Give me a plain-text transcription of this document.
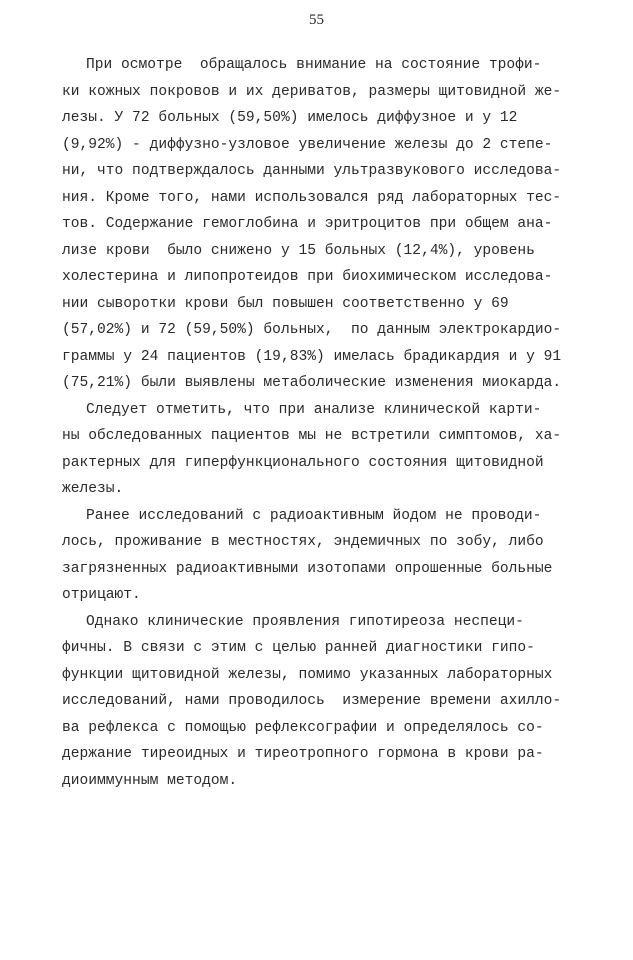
55
При осмотре  обращалось внимание на состояние трофи-
ки кожных покровов и их дериватов, размеры щитовидной же-
лезы. У 72 больных (59,50%) имелось диффузное и у 12
(9,92%) - диффузно-узловое увеличение железы до 2 степе-
ни, что подтверждалось данными ультразвукового исследова-
ния. Кроме того, нами использовался ряд лабораторных тес-
тов. Содержание гемоглобина и эритроцитов при общем ана-
лизе крови  было снижено у 15 больных (12,4%), уровень
холестерина и липопротеидов при биохимическом исследова-
нии сыворотки крови был повышен соответственно у 69
(57,02%) и 72 (59,50%) больных,  по данным электрокардио-
граммы у 24 пациентов (19,83%) имелась брадикардия и у 91
(75,21%) были выявлены метаболические изменения миокарда.
Следует отметить, что при анализе клинической карти-
ны обследованных пациентов мы не встретили симптомов, ха-
рактерных для гиперфункционального состояния щитовидной
железы.
Ранее исследований с радиоактивным йодом не проводи-
лось, проживание в местностях, эндемичных по зобу, либо
загрязненных радиоактивными изотопами опрошенные больные
отрицают.
Однако клинические проявления гипотиреоза неспеци-
фичны. В связи с этим с целью ранней диагностики гипо-
функции щитовидной железы, помимо указанных лабораторных
исследований, нами проводилось  измерение времени ахилло-
ва рефлекса с помощью рефлексографии и определялось со-
держание тиреоидных и тиреотропного гормона в крови ра-
диоиммунным методом.
